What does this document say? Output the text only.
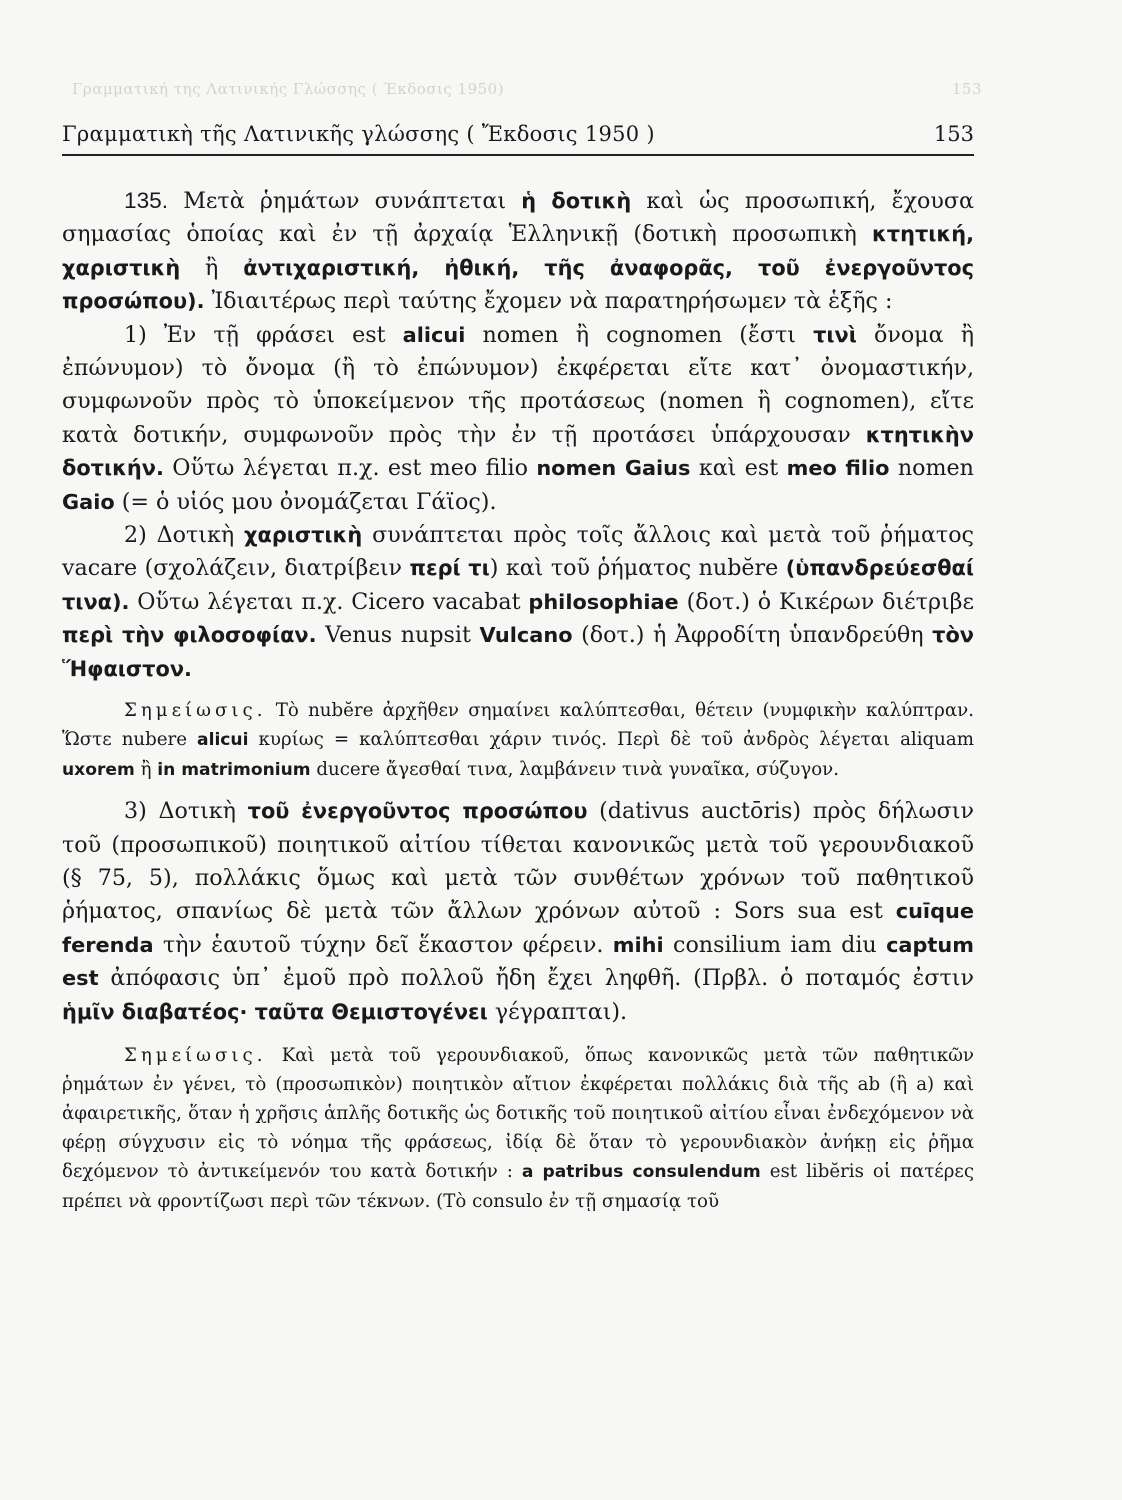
Γραμματική της Λατινικής Γλώσσης ( Έκδοσις 1950)	153
Γραμματικὴ τῆς Λατινικῆς γλώσσης ( Ἔκδοσις 1950 )	153

135. Μετὰ ῥημάτων συνάπτεται ἡ δοτικὴ καὶ ὡς προσωπική, ἔχουσα σημασίας ὁποίας καὶ ἐν τῇ ἀρχαίᾳ Ἑλληνικῇ (δοτικὴ προσωπικὴ κτητική, χαριστικὴ ἢ ἀντιχαριστική, ἠθική, τῆς ἀναφορᾶς, τοῦ ἐνεργοῦντος προσώπου). Ἰδιαιτέρως περὶ ταύτης ἔχομεν νὰ παρατηρήσωμεν τὰ ἑξῆς :

1) Ἐν τῇ φράσει est alicui nomen ἢ cognomen (ἔστι τινὶ ὄνομα ἢ ἐπώνυμον) τὸ ὄνομα (ἢ τὸ ἐπώνυμον) ἐκφέρεται εἴτε κατ᾽ ὀνομαστικήν, συμφωνοῦν πρὸς τὸ ὑποκείμενον τῆς προτάσεως (nomen ἢ cognomen), εἴτε κατὰ δοτικήν, συμφωνοῦν πρὸς τὴν ἐν τῇ προτάσει ὑπάρχουσαν κτητικὴν δοτικήν. Οὕτω λέγεται π.χ. est meo filio nomen Gaius καὶ est meo filio nomen Gaio (= ὁ υἱός μου ὀνομάζεται Γάϊος).

2) Δοτικὴ χαριστικὴ συνάπτεται πρὸς τοῖς ἄλλοις καὶ μετὰ τοῦ ῥήματος vacare (σχολάζειν, διατρίβειν περί τι) καὶ τοῦ ῥήματος nubĕre (ὑπανδρεύεσθαί τινα). Οὕτω λέγεται π.χ. Cicero vacabat philosophiae (δοτ.) ὁ Κικέρων διέτριβε περὶ τὴν φιλοσοφίαν. Venus nupsit Vulcano (δοτ.) ἡ Ἀφροδίτη ὑπανδρεύθη τὸν Ἥφαιστον.

Σημείωσις. Τὸ nubĕre ἀρχῆθεν σημαίνει καλύπτεσθαι, θέτειν (νυμφικὴν καλύπτραν. Ὥστε nubere alicui κυρίως = καλύπτεσθαι χάριν τινός. Περὶ δὲ τοῦ ἀνδρὸς λέγεται aliquam uxorem ἢ in matrimonium ducere ἄγεσθαί τινα, λαμβάνειν τινὰ γυναῖκα, σύζυγον.

3) Δοτικὴ τοῦ ἐνεργοῦντος προσώπου (dativus auctōris) πρὸς δήλωσιν τοῦ (προσωπικοῦ) ποιητικοῦ αἰτίου τίθεται κανονικῶς μετὰ τοῦ γερουνδιακοῦ (§ 75, 5), πολλάκις ὅμως καὶ μετὰ τῶν συνθέτων χρόνων τοῦ παθητικοῦ ῥήματος, σπανίως δὲ μετὰ τῶν ἄλλων χρόνων αὐτοῦ : Sors sua est cuīque ferenda τὴν ἑαυτοῦ τύχην δεῖ ἕκαστον φέρειν. mihi consilium iam diu captum est ἀπόφασις ὑπ᾽ ἐμοῦ πρὸ πολλοῦ ἤδη ἔχει ληφθῆ. (Πρβλ. ὁ ποταμός ἐστιν ἡμῖν διαβατέος· ταῦτα Θεμιστογένει γέγραπται).

Σημείωσις. Καὶ μετὰ τοῦ γερουνδιακοῦ, ὅπως κανονικῶς μετὰ τῶν παθητικῶν ῥημάτων ἐν γένει, τὸ (προσωπικὸν) ποιητικὸν αἴτιον ἐκφέρεται πολλάκις διὰ τῆς ab (ἢ a) καὶ ἀφαιρετικῆς, ὅταν ἡ χρῆσις ἁπλῆς δοτικῆς ὡς δοτικῆς τοῦ ποιητικοῦ αἰτίου εἶναι ἐνδεχόμενον νὰ φέρῃ σύγχυσιν εἰς τὸ νόημα τῆς φράσεως, ἰδίᾳ δὲ ὅταν τὸ γερουνδιακὸν ἀνήκῃ εἰς ῥῆμα δεχόμενον τὸ ἀντικείμενόν του κατὰ δοτικήν : a patribus consulendum est libĕris οἱ πατέρες πρέπει νὰ φροντίζωσι περὶ τῶν τέκνων. (Τὸ consulo ἐν τῇ σημασίᾳ τοῦ
